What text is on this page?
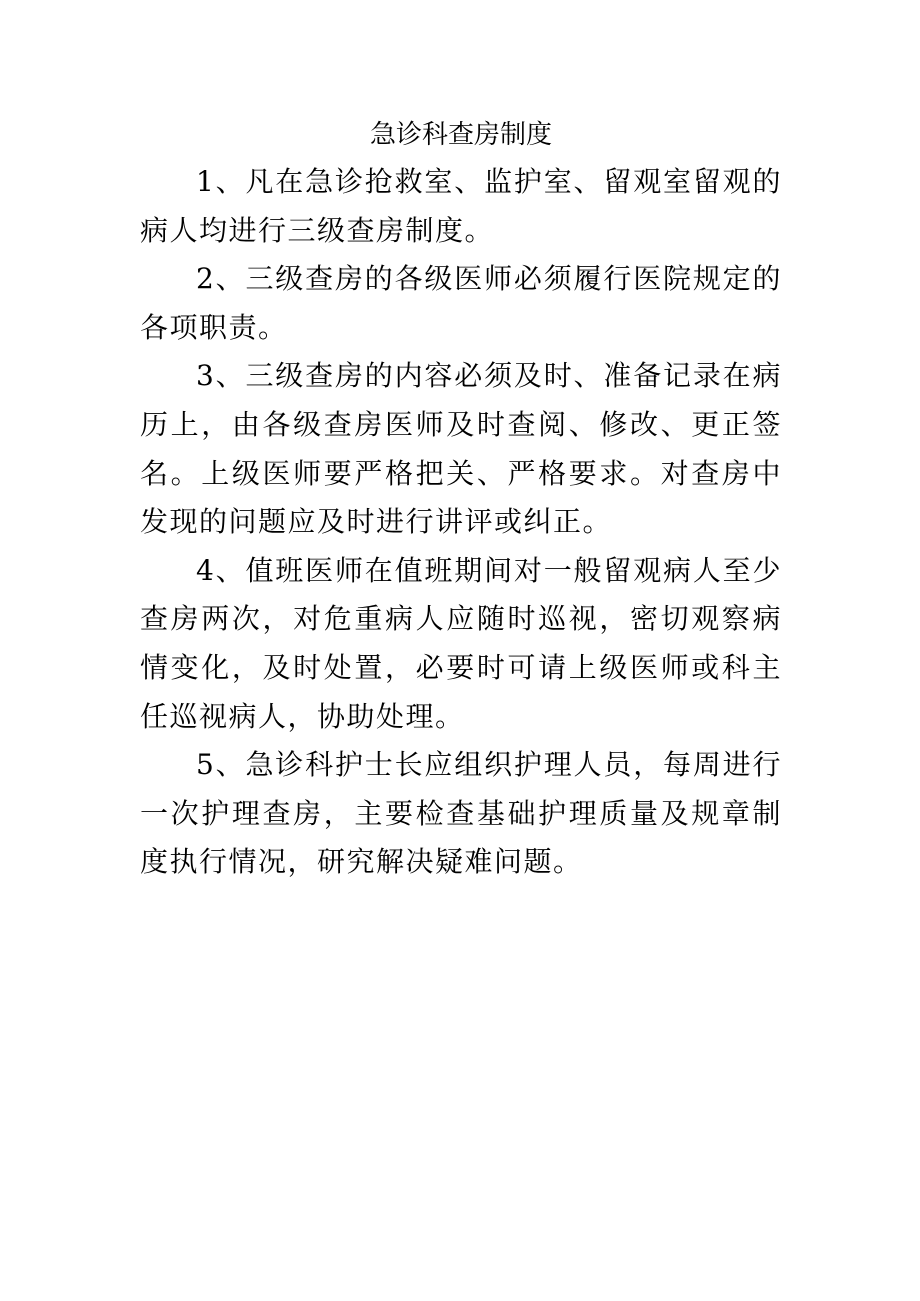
急诊科查房制度

1、凡在急诊抢救室、监护室、留观室留观的病人均进行三级查房制度。

2、三级查房的各级医师必须履行医院规定的各项职责。

3、三级查房的内容必须及时、准备记录在病历上，由各级查房医师及时查阅、修改、更正签名。上级医师要严格把关、严格要求。对查房中发现的问题应及时进行讲评或纠正。

4、值班医师在值班期间对一般留观病人至少查房两次，对危重病人应随时巡视，密切观察病情变化，及时处置，必要时可请上级医师或科主任巡视病人，协助处理。

5、急诊科护士长应组织护理人员，每周进行一次护理查房，主要检查基础护理质量及规章制度执行情况，研究解决疑难问题。
